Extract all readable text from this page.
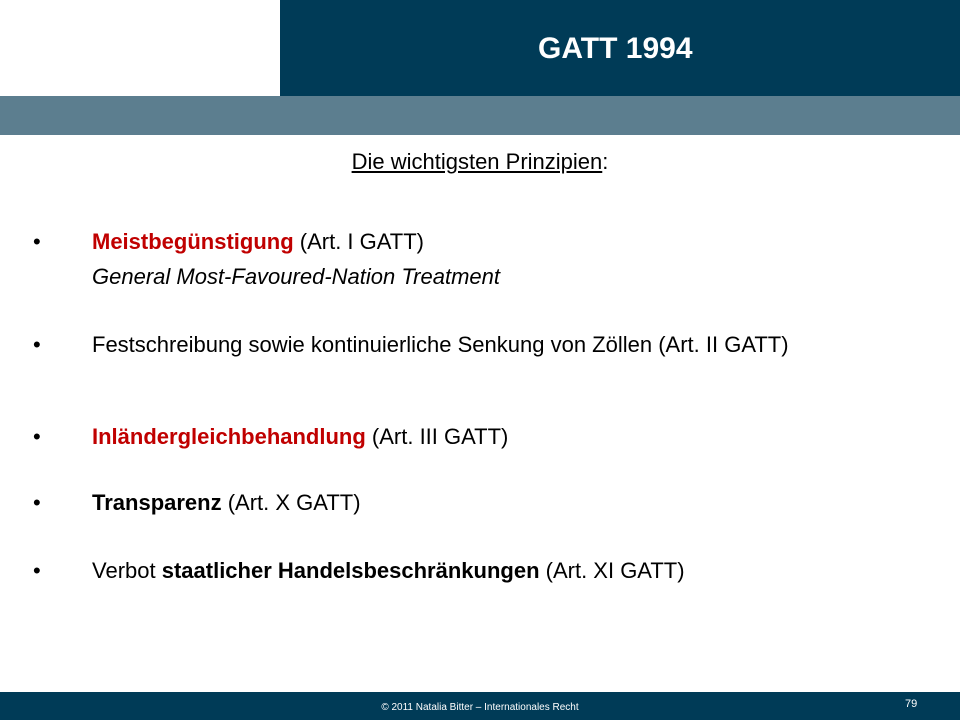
GATT 1994
Die wichtigsten Prinzipien:
• Meistbegünstigung (Art. I GATT)
General Most-Favoured-Nation Treatment
• Festschreibung sowie kontinuierliche Senkung von Zöllen (Art. II GATT)
• Inländergleichbehandlung (Art. III GATT)
• Transparenz (Art. X GATT)
• Verbot staatlicher Handelsbeschränkungen (Art. XI GATT)
© 2011 Natalia Bitter – Internationales Recht	79
